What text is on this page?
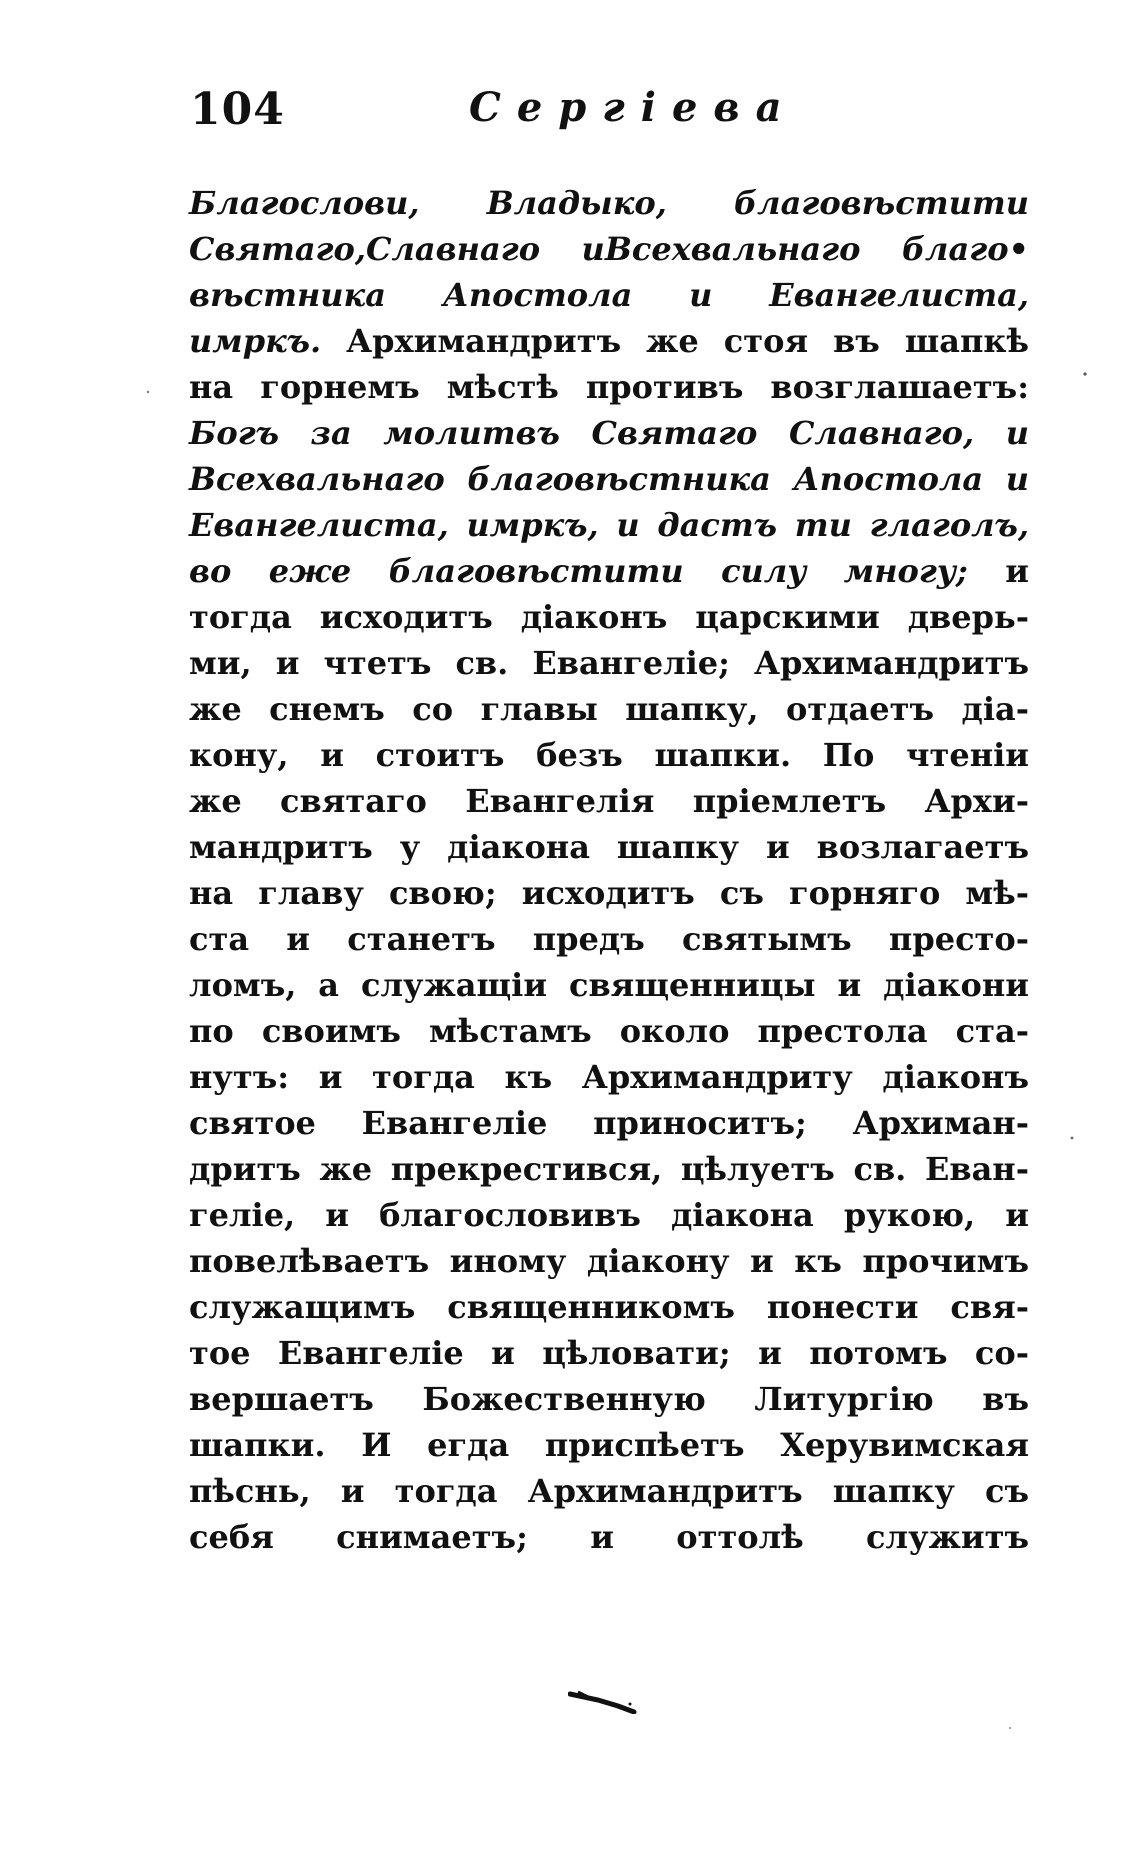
104	Сергіева
Благослови, Владыко, благовѣстити
Святаго,Славнаго иВсехвальнаго благо•
вѣстника Апостола и Евангелиста,
имркъ. Архимандритъ же стоя въ шапкѣ
на горнемъ мѣстѣ противъ возглашаетъ:
Богъ за молитвъ Святаго Славнаго, и
Всехвальнаго благовѣстника Апостола и
Евангелиста, имркъ, и дастъ ти глаголъ,
во еже благовѣстити силу многу; и
тогда исходитъ діаконъ царскими дверь-
ми, и чтетъ св. Евангеліе; Архимандритъ
же снемъ со главы шапку, отдаетъ діа-
кону, и стоитъ безъ шапки. По чтеніи
же святаго Евангелія пріемлетъ Архи-
мандритъ у діакона шапку и возлагаетъ
на главу свою; исходитъ съ горняго мѣ-
ста и станетъ предъ святымъ престо-
ломъ, а служащіи священницы и діакони
по своимъ мѣстамъ около престола ста-
нутъ: и тогда къ Архимандриту діаконъ
святое Евангеліе приноситъ; Архиман-
дритъ же прекрестився, цѣлуетъ св. Еван-
геліе, и благословивъ діакона рукою, и
повелѣваетъ иному діакону и къ прочимъ
служащимъ священникомъ понести свя-
тое Евангеліе и цѣловати; и потомъ со-
вершаетъ Божественную Литургію въ
шапки. И егда приспѣетъ Херувимская
пѣснь, и тогда Архимандритъ шапку съ
себя снимаетъ; и оттолѣ служитъ
